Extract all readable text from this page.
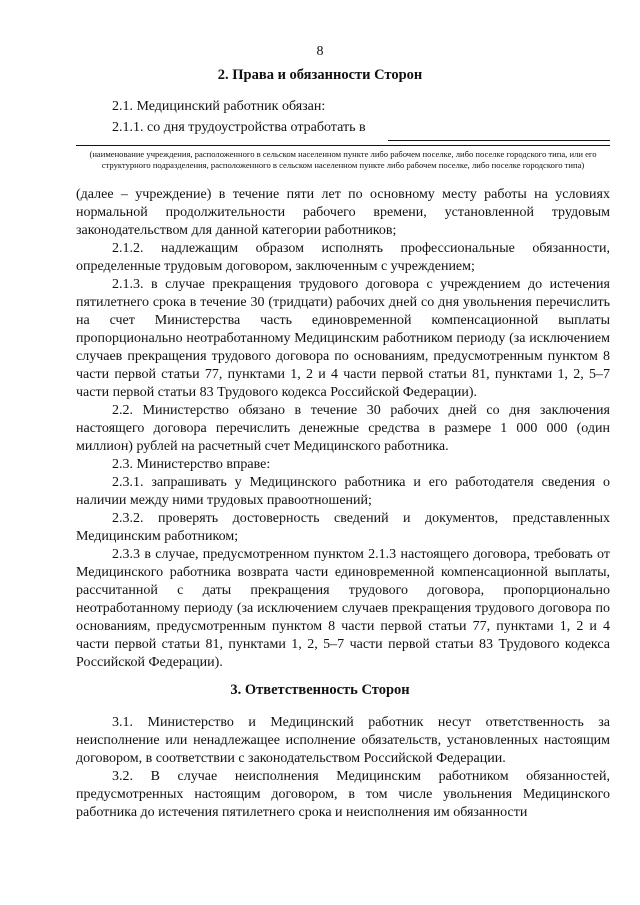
8
2. Права и обязанности Сторон
2.1. Медицинский работник обязан:
2.1.1. со дня трудоустройства отработать в
(наименование учреждения, расположенного в сельском населенном пункте либо рабочем поселке, либо поселке городского типа, или его структурного подразделения, расположенного в сельском населенном пункте либо рабочем поселке, либо поселке городского типа)

(далее – учреждение) в течение пяти лет по основному месту работы на условиях нормальной продолжительности рабочего времени, установленной трудовым законодательством для данной категории работников;

2.1.2. надлежащим образом исполнять профессиональные обязанности, определенные трудовым договором, заключенным с учреждением;

2.1.3. в случае прекращения трудового договора с учреждением до истечения пятилетнего срока в течение 30 (тридцати) рабочих дней со дня увольнения перечислить на счет Министерства часть единовременной компенсационной выплаты пропорционально неотработанному Медицинским работником периоду (за исключением случаев прекращения трудового договора по основаниям, предусмотренным пунктом 8 части первой статьи 77, пунктами 1, 2 и 4 части первой статьи 81, пунктами 1, 2, 5–7 части первой статьи 83 Трудового кодекса Российской Федерации).

2.2. Министерство обязано в течение 30 рабочих дней со дня заключения настоящего договора перечислить денежные средства в размере 1 000 000 (один миллион) рублей на расчетный счет Медицинского работника.

2.3. Министерство вправе:

2.3.1. запрашивать у Медицинского работника и его работодателя сведения о наличии между ними трудовых правоотношений;

2.3.2. проверять достоверность сведений и документов, представленных Медицинским работником;

2.3.3 в случае, предусмотренном пунктом 2.1.3 настоящего договора, требовать от Медицинского работника возврата части единовременной компенсационной выплаты, рассчитанной с даты прекращения трудового договора, пропорционально неотработанному периоду (за исключением случаев прекращения трудового договора по основаниям, предусмотренным пунктом 8 части первой статьи 77, пунктами 1, 2 и 4 части первой статьи 81, пунктами 1, 2, 5–7 части первой статьи 83 Трудового кодекса Российской Федерации).

3. Ответственность Сторон

3.1. Министерство и Медицинский работник несут ответственность за неисполнение или ненадлежащее исполнение обязательств, установленных настоящим договором, в соответствии с законодательством Российской Федерации.

3.2. В случае неисполнения Медицинским работником обязанностей, предусмотренных настоящим договором, в том числе увольнения Медицинского работника до истечения пятилетнего срока и неисполнения им обязанности
